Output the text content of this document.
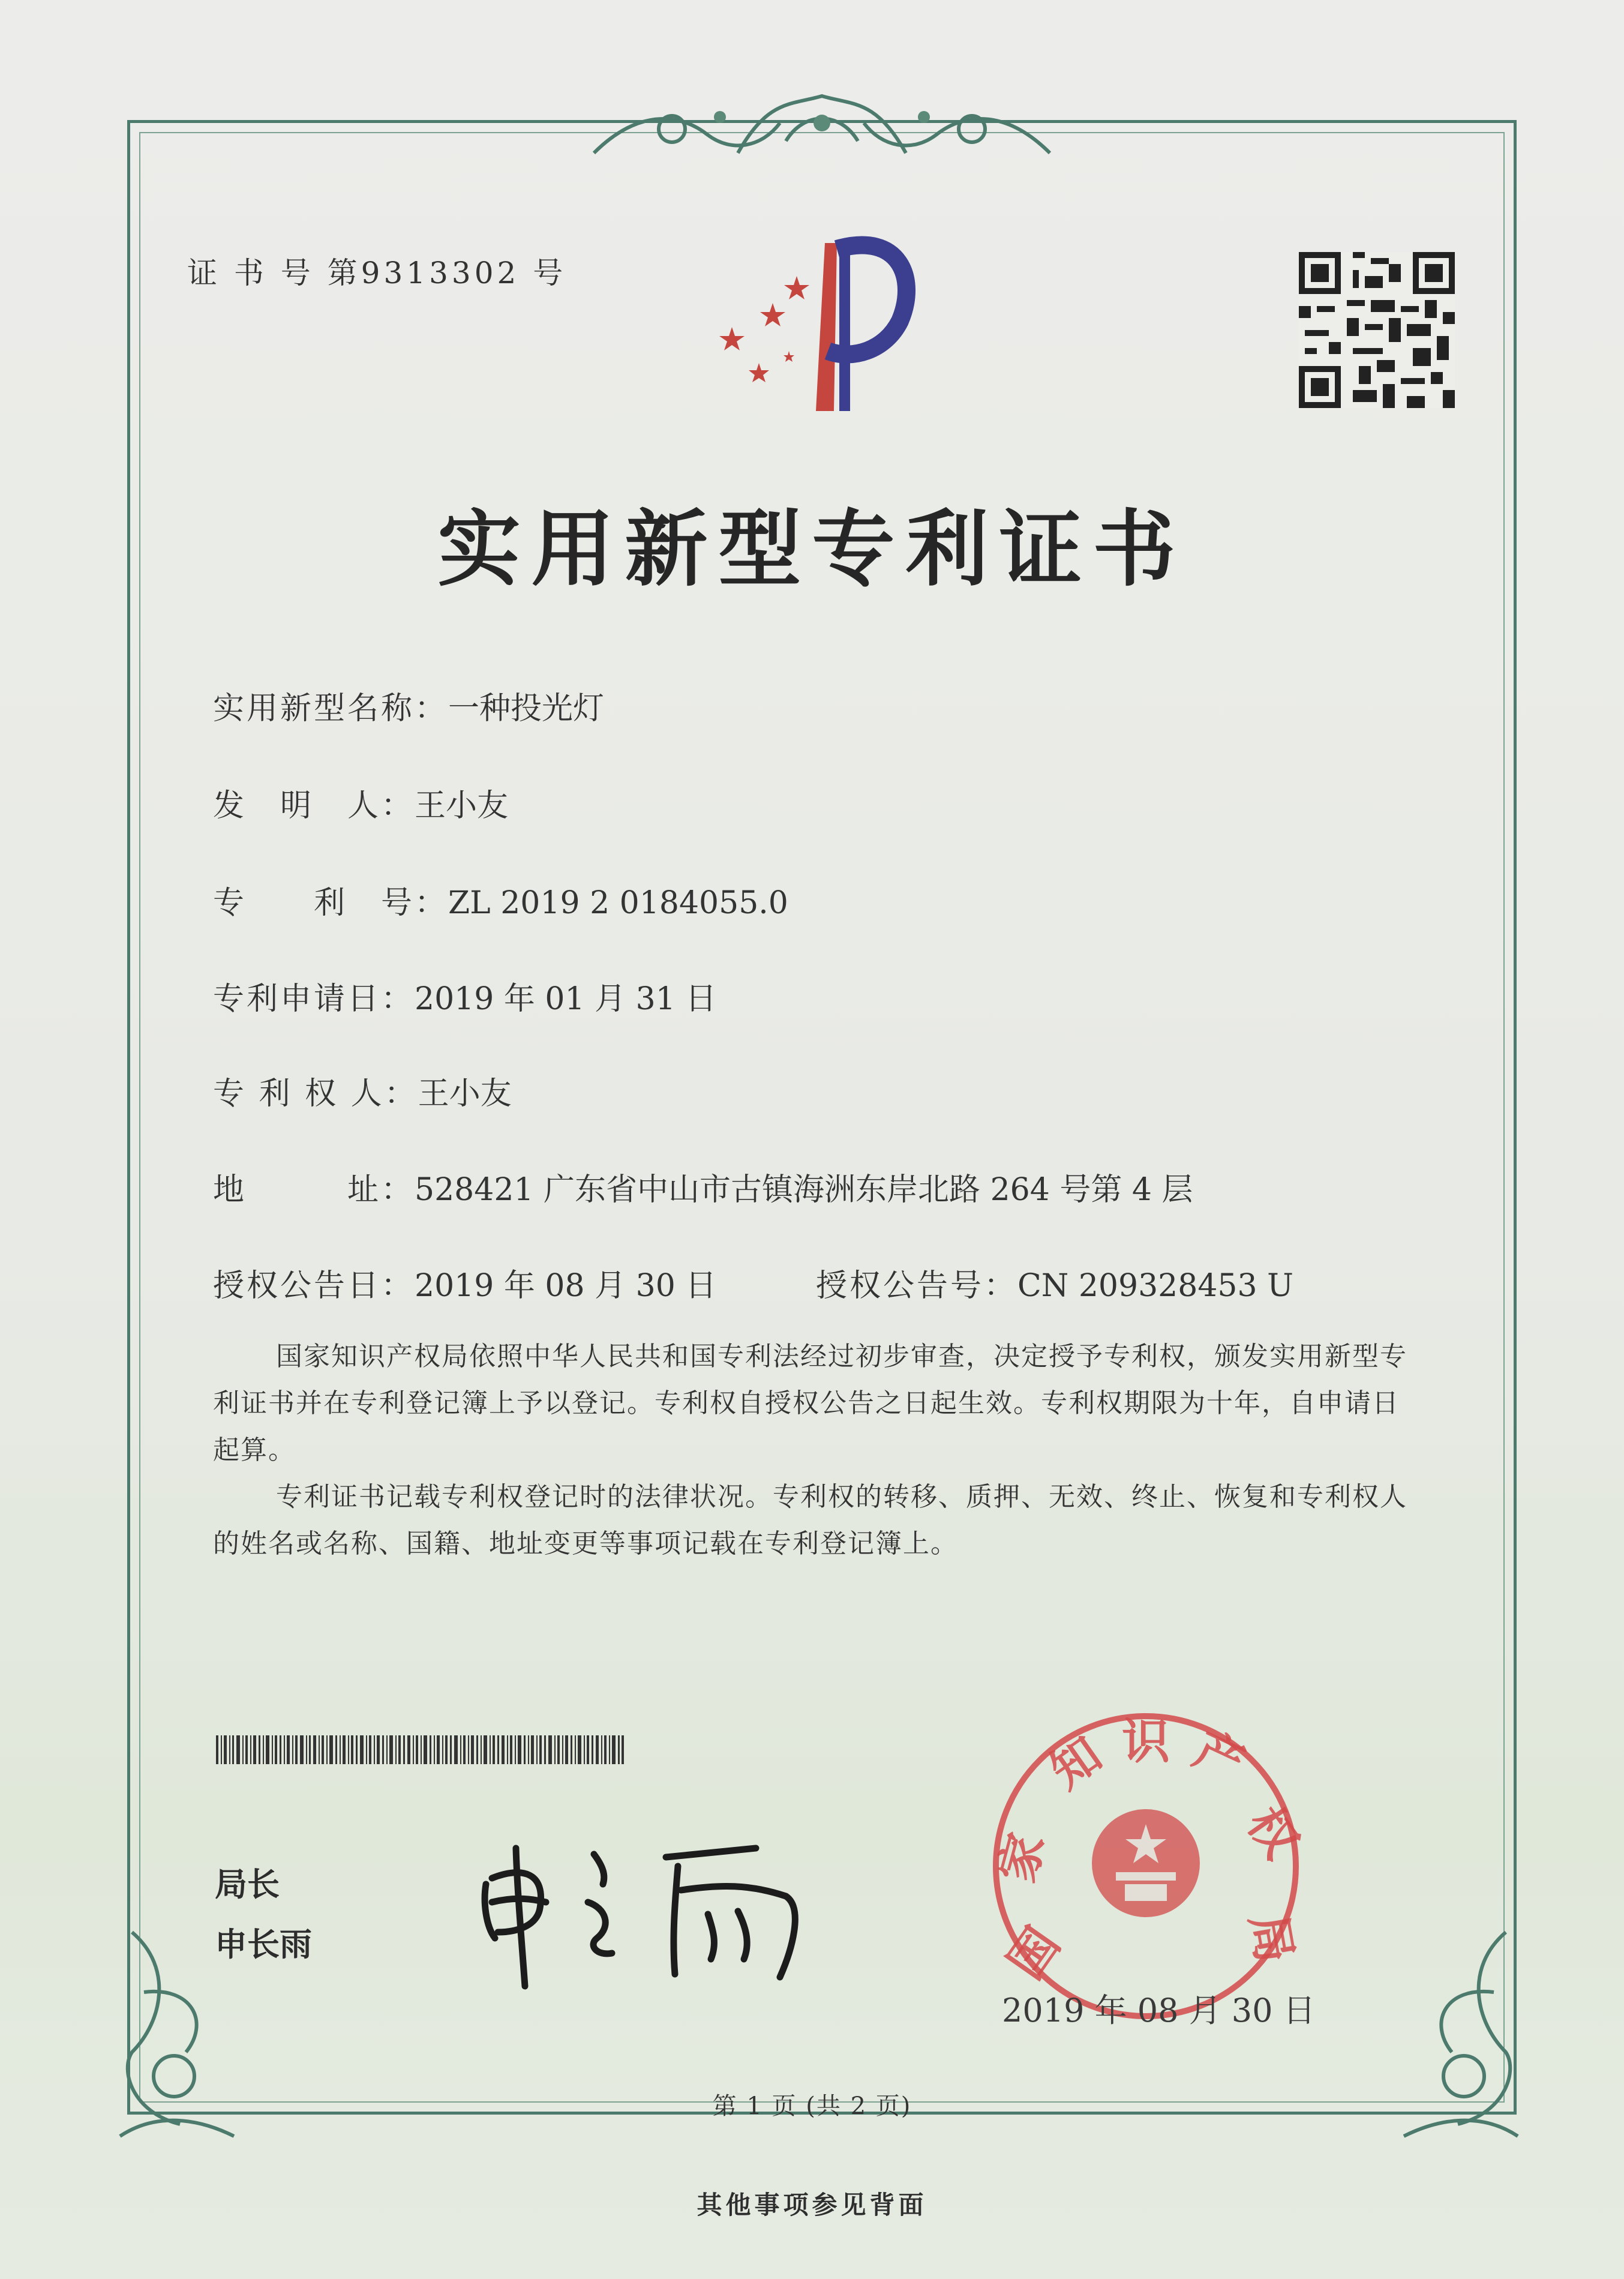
证 书 号 第9313302 号
实用新型专利证书
实用新型名称：一种投光灯
发　明　人：王小友
专　　利　号：ZL 2019 2 0184055.0
专利申请日：2019 年 01 月 31 日
专 利 权 人：王小友
地　　　址：528421 广东省中山市古镇海洲东岸北路 264 号第 4 层
授权公告日：2019 年 08 月 30 日	授权公告号：CN 209328453 U
国家知识产权局依照中华人民共和国专利法经过初步审查，决定授予专利权，颁发实用新型专利证书并在专利登记簿上予以登记。专利权自授权公告之日起生效。专利权期限为十年，自申请日起算。
专利证书记载专利权登记时的法律状况。专利权的转移、质押、无效、终止、恢复和专利权人的姓名或名称、国籍、地址变更等事项记载在专利登记簿上。
局长
申长雨	国
家
知 识 产
权
局
2019 年 08 月 30 日
第 1 页 (共 2 页)
其他事项参见背面
